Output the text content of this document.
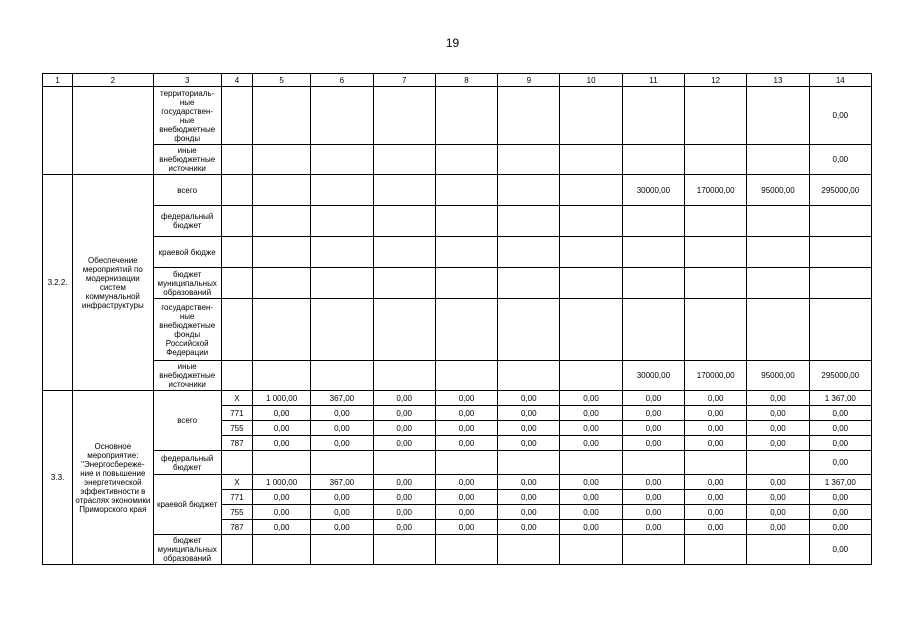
19
1	2	3	4	5	6	7	8	9	10	11	12	13	14
		территориаль-ные государствен-ные внебюджетные фонды											0,00
		иные внебюджетные источники											0,00
3.2.2.	Обеспечение мероприятий по модернизации систем коммунальной инфраструктуры	всего								30000,00	170000,00	95000,00	295000,00
		федеральный бюджет											
		краевой бюдже											
		бюджет муниципальных образований											
		государствен-ные внебюджетные фонды Российской Федерации											
		иные внебюджетные источники								30000,00	170000,00	95000,00	295000,00
3.3.	Основное мероприятие: "Энергосбереже-ние и повышение энергетической эффективности в отраслях экономики Приморского края	всего	Х	1 000,00	367,00	0,00	0,00	0,00	0,00	0,00	0,00	0,00	1 367,00
			771	0,00	0,00	0,00	0,00	0,00	0,00	0,00	0,00	0,00	0,00
			755	0,00	0,00	0,00	0,00	0,00	0,00	0,00	0,00	0,00	0,00
			787	0,00	0,00	0,00	0,00	0,00	0,00	0,00	0,00	0,00	0,00
		федеральный бюджет											0,00
		краевой бюджет	Х	1 000,00	367,00	0,00	0,00	0,00	0,00	0,00	0,00	0,00	1 367,00
			771	0,00	0,00	0,00	0,00	0,00	0,00	0,00	0,00	0,00	0,00
			755	0,00	0,00	0,00	0,00	0,00	0,00	0,00	0,00	0,00	0,00
			787	0,00	0,00	0,00	0,00	0,00	0,00	0,00	0,00	0,00	0,00
		бюджет муниципальных образований											0,00
